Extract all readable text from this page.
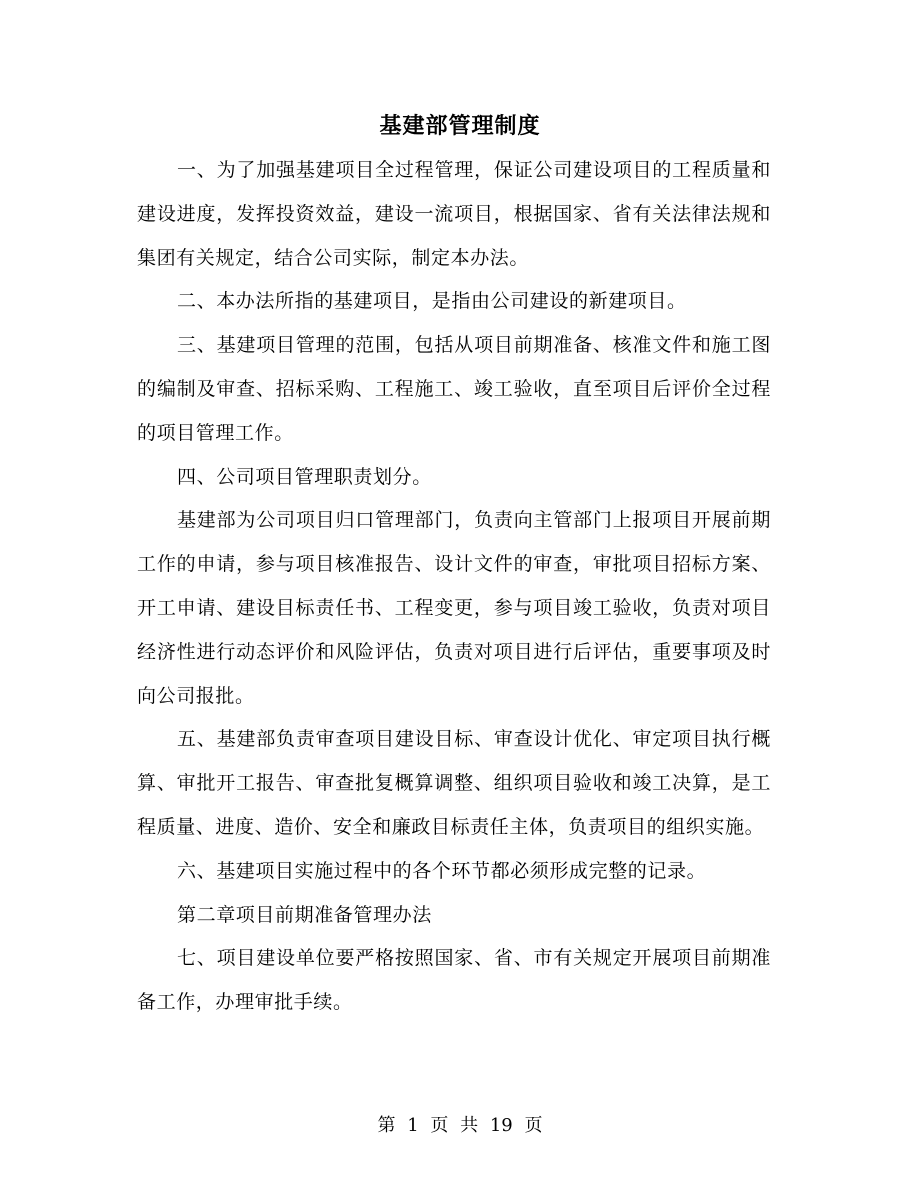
基建部管理制度

一、为了加强基建项目全过程管理，保证公司建设项目的工程质量和建设进度，发挥投资效益，建设一流项目，根据国家、省有关法律法规和集团有关规定，结合公司实际，制定本办法。

二、本办法所指的基建项目，是指由公司建设的新建项目。

三、基建项目管理的范围，包括从项目前期准备、核准文件和施工图的编制及审查、招标采购、工程施工、竣工验收，直至项目后评价全过程的项目管理工作。

四、公司项目管理职责划分。

基建部为公司项目归口管理部门，负责向主管部门上报项目开展前期工作的申请，参与项目核准报告、设计文件的审查，审批项目招标方案、开工申请、建设目标责任书、工程变更，参与项目竣工验收，负责对项目经济性进行动态评价和风险评估，负责对项目进行后评估，重要事项及时向公司报批。

五、基建部负责审查项目建设目标、审查设计优化、审定项目执行概算、审批开工报告、审查批复概算调整、组织项目验收和竣工决算，是工程质量、进度、造价、安全和廉政目标责任主体，负责项目的组织实施。

六、基建项目实施过程中的各个环节都必须形成完整的记录。

第二章项目前期准备管理办法

七、项目建设单位要严格按照国家、省、市有关规定开展项目前期准备工作，办理审批手续。

第 1 页 共 19 页
